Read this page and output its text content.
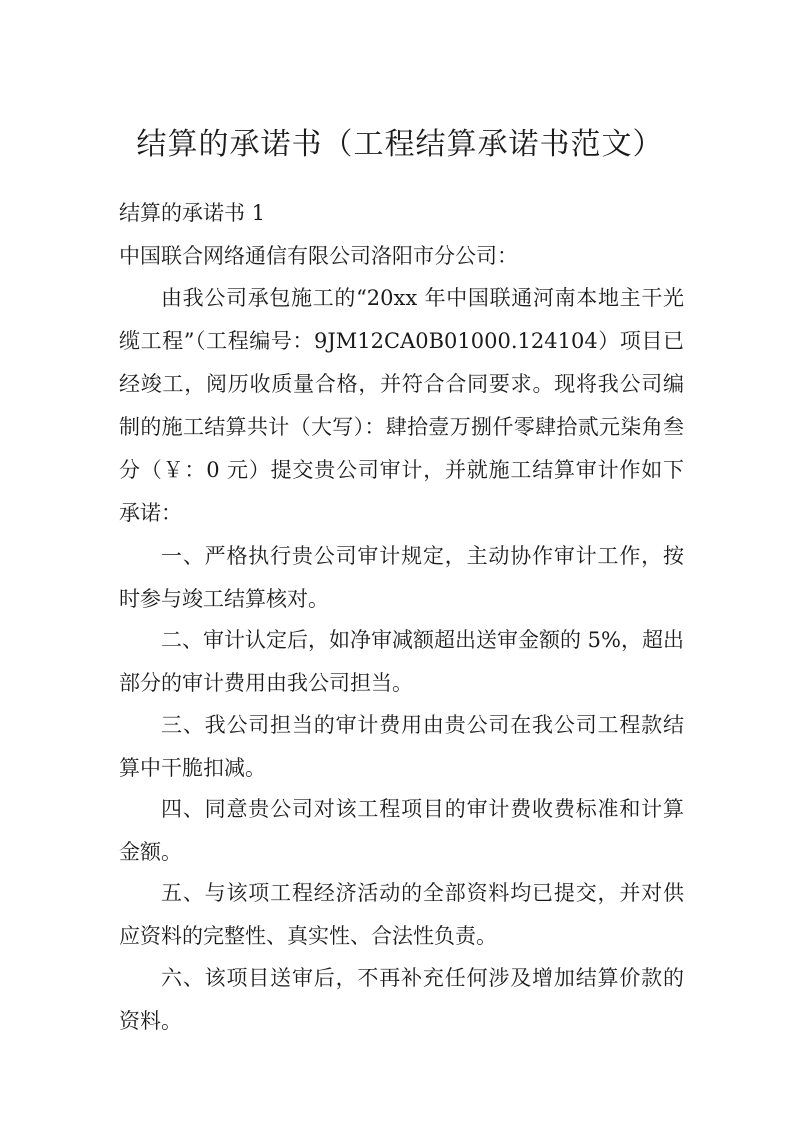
结算的承诺书（工程结算承诺书范文）

结算的承诺书 1

中国联合网络通信有限公司洛阳市分公司：

由我公司承包施工的“20xx 年中国联通河南本地主干光缆工程”（工程编号：9JM12CA0B01000.124104）项目已经竣工，阅历收质量合格，并符合合同要求。现将我公司编制的施工结算共计（大写）：肆拾壹万捌仟零肆拾贰元柒角叁分（￥：0 元）提交贵公司审计，并就施工结算审计作如下承诺：

一、严格执行贵公司审计规定，主动协作审计工作，按时参与竣工结算核对。

二、审计认定后，如净审减额超出送审金额的 5%，超出部分的审计费用由我公司担当。

三、我公司担当的审计费用由贵公司在我公司工程款结算中干脆扣减。

四、同意贵公司对该工程项目的审计费收费标准和计算金额。

五、与该项工程经济活动的全部资料均已提交，并对供应资料的完整性、真实性、合法性负责。

六、该项目送审后，不再补充任何涉及增加结算价款的资料。
